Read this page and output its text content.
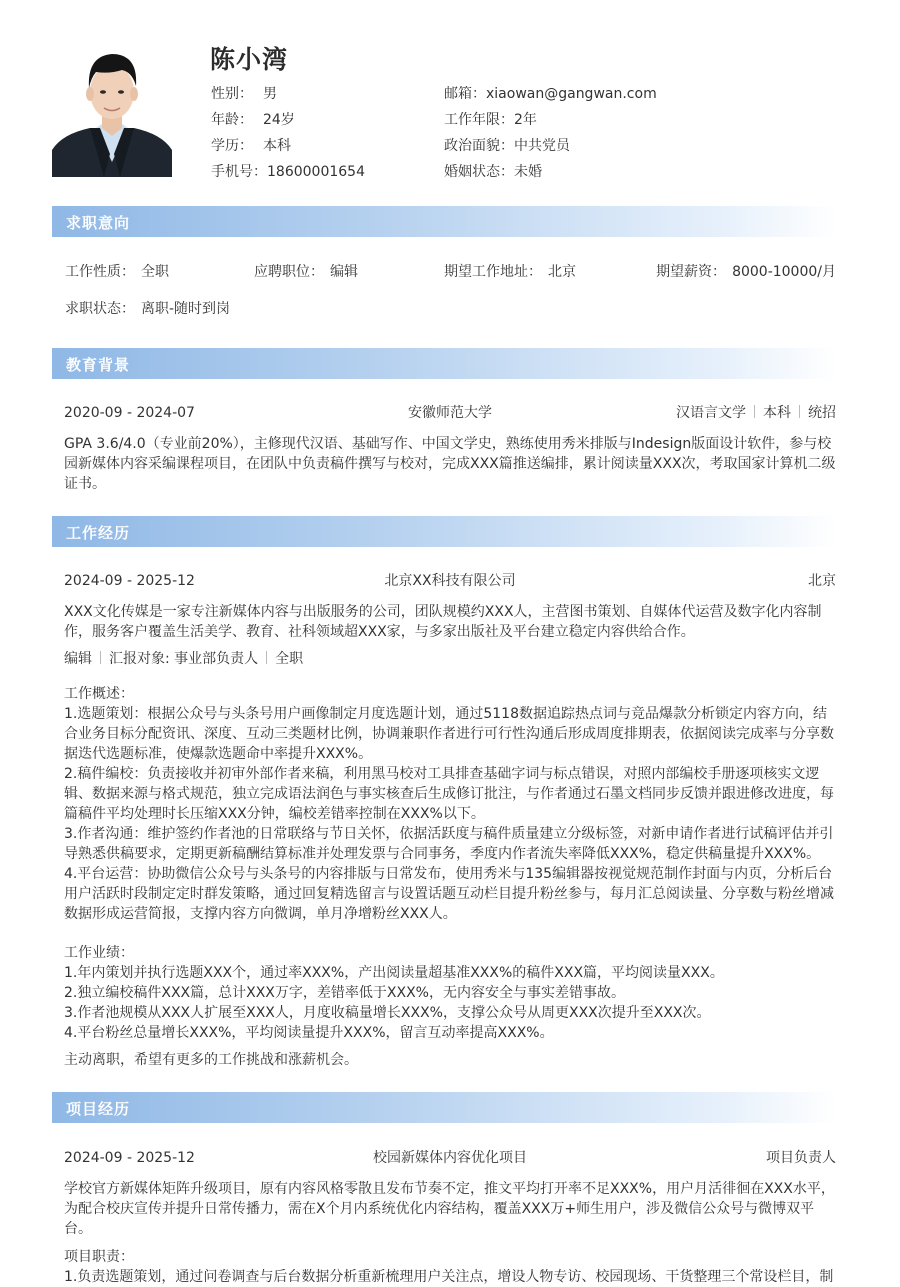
陈小湾
性别： 男
年龄： 24岁
学历： 本科
手机号：18600001654
邮箱：xiaowan@gangwan.com
工作年限：2年
政治面貌：中共党员
婚姻状态：未婚
求职意向
工作性质： 全职	应聘职位： 编辑	期望工作地址： 北京	期望薪资： 8000-10000/月
求职状态： 离职-随时到岗
教育背景
2020-09 - 2024-07	安徽师范大学	汉语言文学 本科 统招
GPA 3.6/4.0（专业前20%），主修现代汉语、基础写作、中国文学史，熟练使用秀米排版与Indesign版面设计软件，参与校园新媒体内容采编课程项目，在团队中负责稿件撰写与校对，完成XXX篇推送编排，累计阅读量XXX次，考取国家计算机二级证书。
工作经历
2024-09 - 2025-12	北京XX科技有限公司	北京
XXX文化传媒是一家专注新媒体内容与出版服务的公司，团队规模约XXX人，主营图书策划、自媒体代运营及数字化内容制作，服务客户覆盖生活美学、教育、社科领域超XXX家，与多家出版社及平台建立稳定内容供给合作。
编辑 汇报对象: 事业部负责人 全职
工作概述：
1.选题策划：根据公众号与头条号用户画像制定月度选题计划，通过5118数据追踪热点词与竞品爆款分析锁定内容方向，结合业务目标分配资讯、深度、互动三类题材比例，协调兼职作者进行可行性沟通后形成周度排期表，依据阅读完成率与分享数据迭代选题标准，使爆款选题命中率提升XXX%。
2.稿件编校：负责接收并初审外部作者来稿，利用黑马校对工具排查基础字词与标点错误，对照内部编校手册逐项核实文逻辑、数据来源与格式规范，独立完成语法润色与事实核查后生成修订批注，与作者通过石墨文档同步反馈并跟进修改进度，每篇稿件平均处理时长压缩XXX分钟，编校差错率控制在XXX%以下。
3.作者沟通：维护签约作者池的日常联络与节日关怀，依据活跃度与稿件质量建立分级标签，对新申请作者进行试稿评估并引导熟悉供稿要求，定期更新稿酬结算标准并处理发票与合同事务，季度内作者流失率降低XXX%，稳定供稿量提升XXX%。
4.平台运营：协助微信公众号与头条号的内容排版与日常发布，使用秀米与135编辑器按视觉规范制作封面与内页，分析后台用户活跃时段制定定时群发策略，通过回复精选留言与设置话题互动栏目提升粉丝参与，每月汇总阅读量、分享数与粉丝增减数据形成运营简报，支撑内容方向微调，单月净增粉丝XXX人。
工作业绩：
1.年内策划并执行选题XXX个，通过率XXX%，产出阅读量超基准XXX%的稿件XXX篇，平均阅读量XXX。
2.独立编校稿件XXX篇，总计XXX万字，差错率低于XXX%，无内容安全与事实差错事故。
3.作者池规模从XXX人扩展至XXX人，月度收稿量增长XXX%，支撑公众号从周更XXX次提升至XXX次。
4.平台粉丝总量增长XXX%，平均阅读量提升XXX%，留言互动率提高XXX%。
主动离职，希望有更多的工作挑战和涨薪机会。
项目经历
2024-09 - 2025-12	校园新媒体内容优化项目	项目负责人
学校官方新媒体矩阵升级项目，原有内容风格零散且发布节奏不定，推文平均打开率不足XXX%，用户月活徘徊在XXX水平，为配合校庆宣传并提升日常传播力，需在X个月内系统优化内容结构，覆盖XXX万+师生用户，涉及微信公众号与微博双平台。
项目职责：
1.负责选题策划，通过问卷调查与后台数据分析重新梳理用户关注点，增设人物专访、校园现场、干货整理三个常设栏目，制
